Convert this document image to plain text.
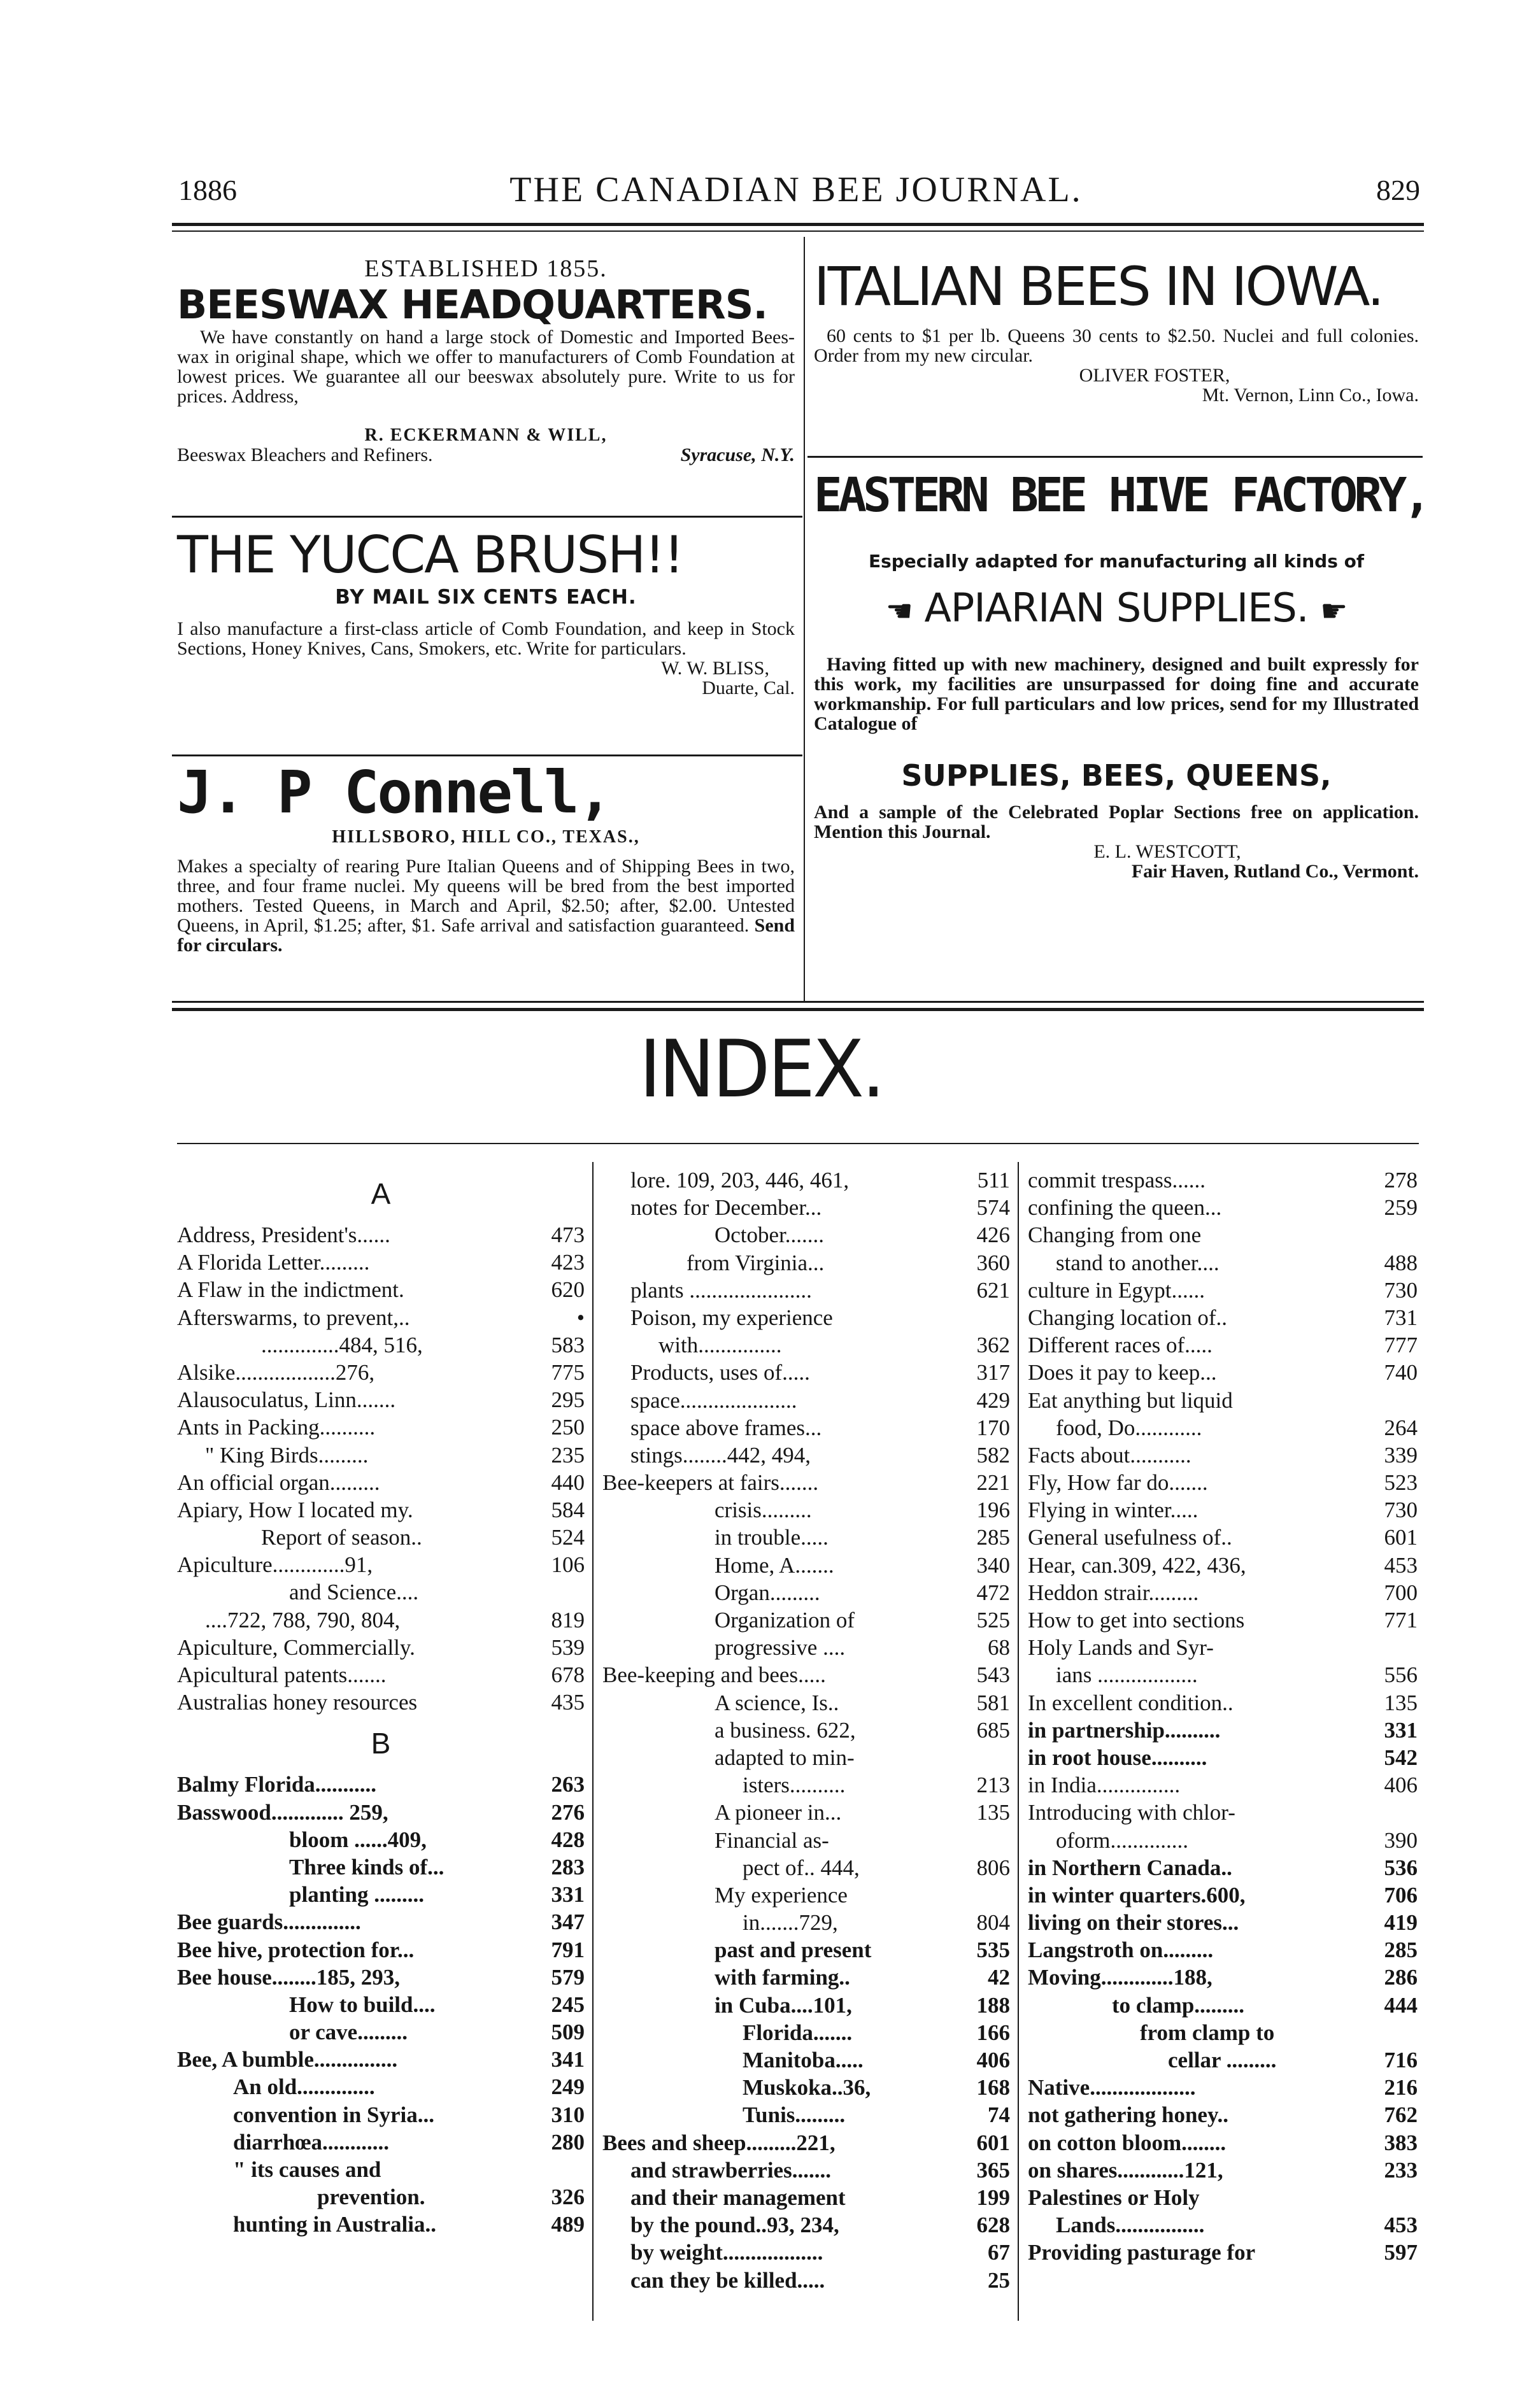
1886	THE CANADIAN BEE JOURNAL.	829
ESTABLISHED 1855.
BEESWAX HEADQUARTERS.

We have constantly on hand a large stock of Domestic and Imported Bees-wax in original shape, which we offer to manufacturers of Comb Foundation at lowest prices. We guarantee all our beeswax absolutely pure. Write to us for prices. Address,

R. ECKERMANN & WILL,
Beeswax Bleachers and Refiners.	Syracuse, N.Y.
THE YUCCA BRUSH!!
BY MAIL SIX CENTS EACH.

I also manufacture a first-class article of Comb Foundation, and keep in Stock Sections, Honey Knives, Cans, Smokers, etc. Write for particulars.

W. W. BLISS,
Duarte, Cal.
J. P Connell,
HILLSBORO, HILL CO., TEXAS.,

Makes a specialty of rearing Pure Italian Queens and of Shipping Bees in two, three, and four frame nuclei. My queens will be bred from the best imported mothers. Tested Queens, in March and April, $2.50; after, $2.00. Untested Queens, in April, $1.25; after, $1. Safe arrival and satisfaction guaranteed. Send for circulars.

ITALIAN BEES IN IOWA.

60 cents to $1 per lb. Queens 30 cents to $2.50. Nuclei and full colonies. Order from my new circular.

OLIVER FOSTER,
Mt. Vernon, Linn Co., Iowa.
EASTERN BEE HIVE FACTORY,
Especially adapted for manufacturing all kinds of
☚ APIARIAN SUPPLIES. ☛

Having fitted up with new machinery, designed and built expressly for this work, my facilities are unsurpassed for doing fine and accurate workmanship. For full particulars and low prices, send for my Illustrated Catalogue of

SUPPLIES, BEES, QUEENS,

And a sample of the Celebrated Poplar Sections free on application. Mention this Journal.

E. L. WESTCOTT,
Fair Haven, Rutland Co., Vermont.
INDEX.
A
Address, President's......	473
A Florida Letter.........	423
A Flaw in the indictment.	620
Afterswarms, to prevent,..	•
..............484, 516,	583
Alsike..................276,	775
Alausoculatus, Linn.......	295
Ants in Packing..........	250
" King Birds.........	235
An official organ.........	440
Apiary, How I located my.	584
Report of season..	524
Apiculture.............91,	106
and Science....
....722, 788, 790, 804,	819
Apiculture, Commercially.	539
Apicultural patents.......	678
Australias honey resources	435
B
Balmy Florida...........	263
Basswood............. 259,	276
bloom ......409,	428
Three kinds of...	283
planting .........	331
Bee guards..............	347
Bee hive, protection for...	791
Bee house........185, 293,	579
How to build....	245
or cave.........	509
Bee, A bumble...............	341
An old..............	249
convention in Syria...	310
diarrhœa............	280
" its causes and
prevention.	326
hunting in Australia..	489
lore. 109, 203, 446, 461,	511
notes for December...	574
October.......	426
from Virginia...	360
plants ......................	621
Poison, my experience
with...............	362
Products, uses of.....	317
space.....................	429
space above frames...	170
stings........442, 494,	582
Bee-keepers at fairs.......	221
crisis.........	196
in trouble.....	285
Home, A.......	340
Organ.........	472
Organization of	525
progressive ....	68
Bee-keeping and bees.....	543
A science, Is..	581
a business. 622,	685
adapted to min-
isters..........	213
A pioneer in...	135
Financial as-
pect of.. 444,	806
My experience
in.......729,	804
past and present	535
with farming..	42
in Cuba....101,	188
Florida.......	166
Manitoba.....	406
Muskoka..36,	168
Tunis.........	74
Bees and sheep.........221,	601
and strawberries.......	365
and their management	199
by the pound..93, 234,	628
by weight..................	67
can they be killed.....	25
commit trespass......	278
confining the queen...	259
Changing from one
stand to another....	488
culture in Egypt......	730
Changing location of..	731
Different races of.....	777
Does it pay to keep...	740
Eat anything but liquid
food, Do............	264
Facts about...........	339
Fly, How far do.......	523
Flying in winter.....	730
General usefulness of..	601
Hear, can.309, 422, 436,	453
Heddon strair.........	700
How to get into sections	771
Holy Lands and Syr-
ians ..................	556
In excellent condition..	135
in partnership..........	331
in root house..........	542
in India...............	406
Introducing with chlor-
oform..............	390
in Northern Canada..	536
in winter quarters.600,	706
living on their stores...	419
Langstroth on.........	285
Moving.............188,	286
to clamp.........	444
from clamp to
cellar .........	716
Native...................	216
not gathering honey..	762
on cotton bloom........	383
on shares............121,	233
Palestines or Holy
Lands................	453
Providing pasturage for	597
